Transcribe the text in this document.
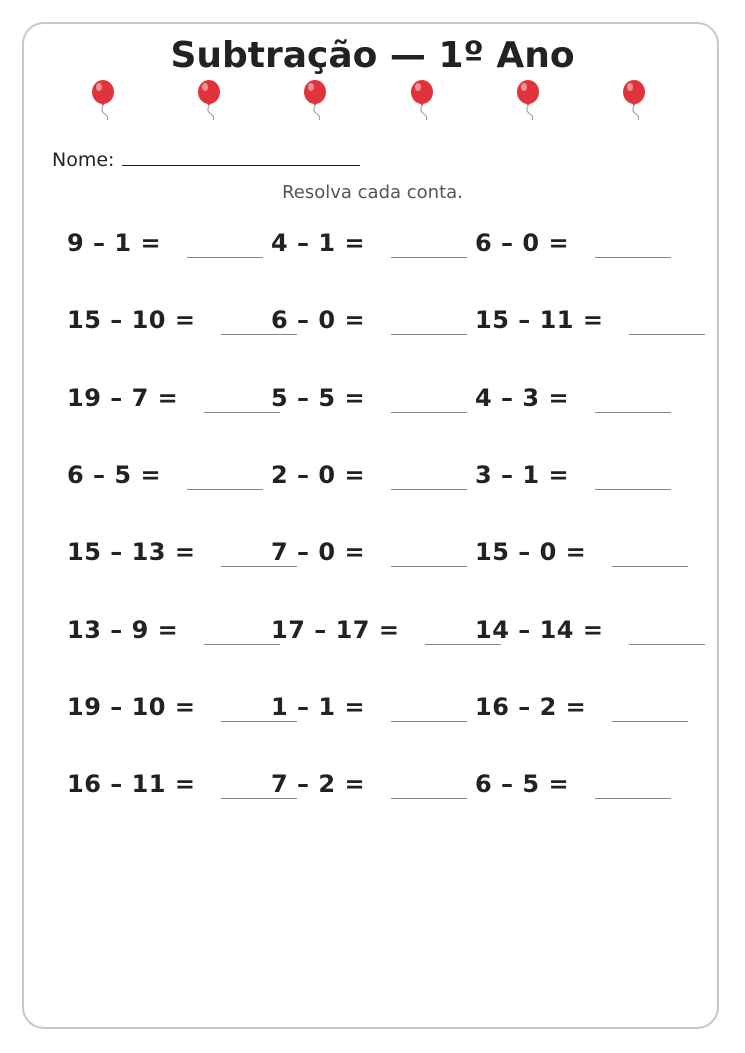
Subtração — 1º Ano
Nome:
Resolva cada conta.
9 – 1 =	4 – 1 =	6 – 0 =
15 – 10 =	6 – 0 =	15 – 11 =
19 – 7 =	5 – 5 =	4 – 3 =
6 – 5 =	2 – 0 =	3 – 1 =
15 – 13 =	7 – 0 =	15 – 0 =
13 – 9 =	17 – 17 =	14 – 14 =
19 – 10 =	1 – 1 =	16 – 2 =
16 – 11 =	7 – 2 =	6 – 5 =
